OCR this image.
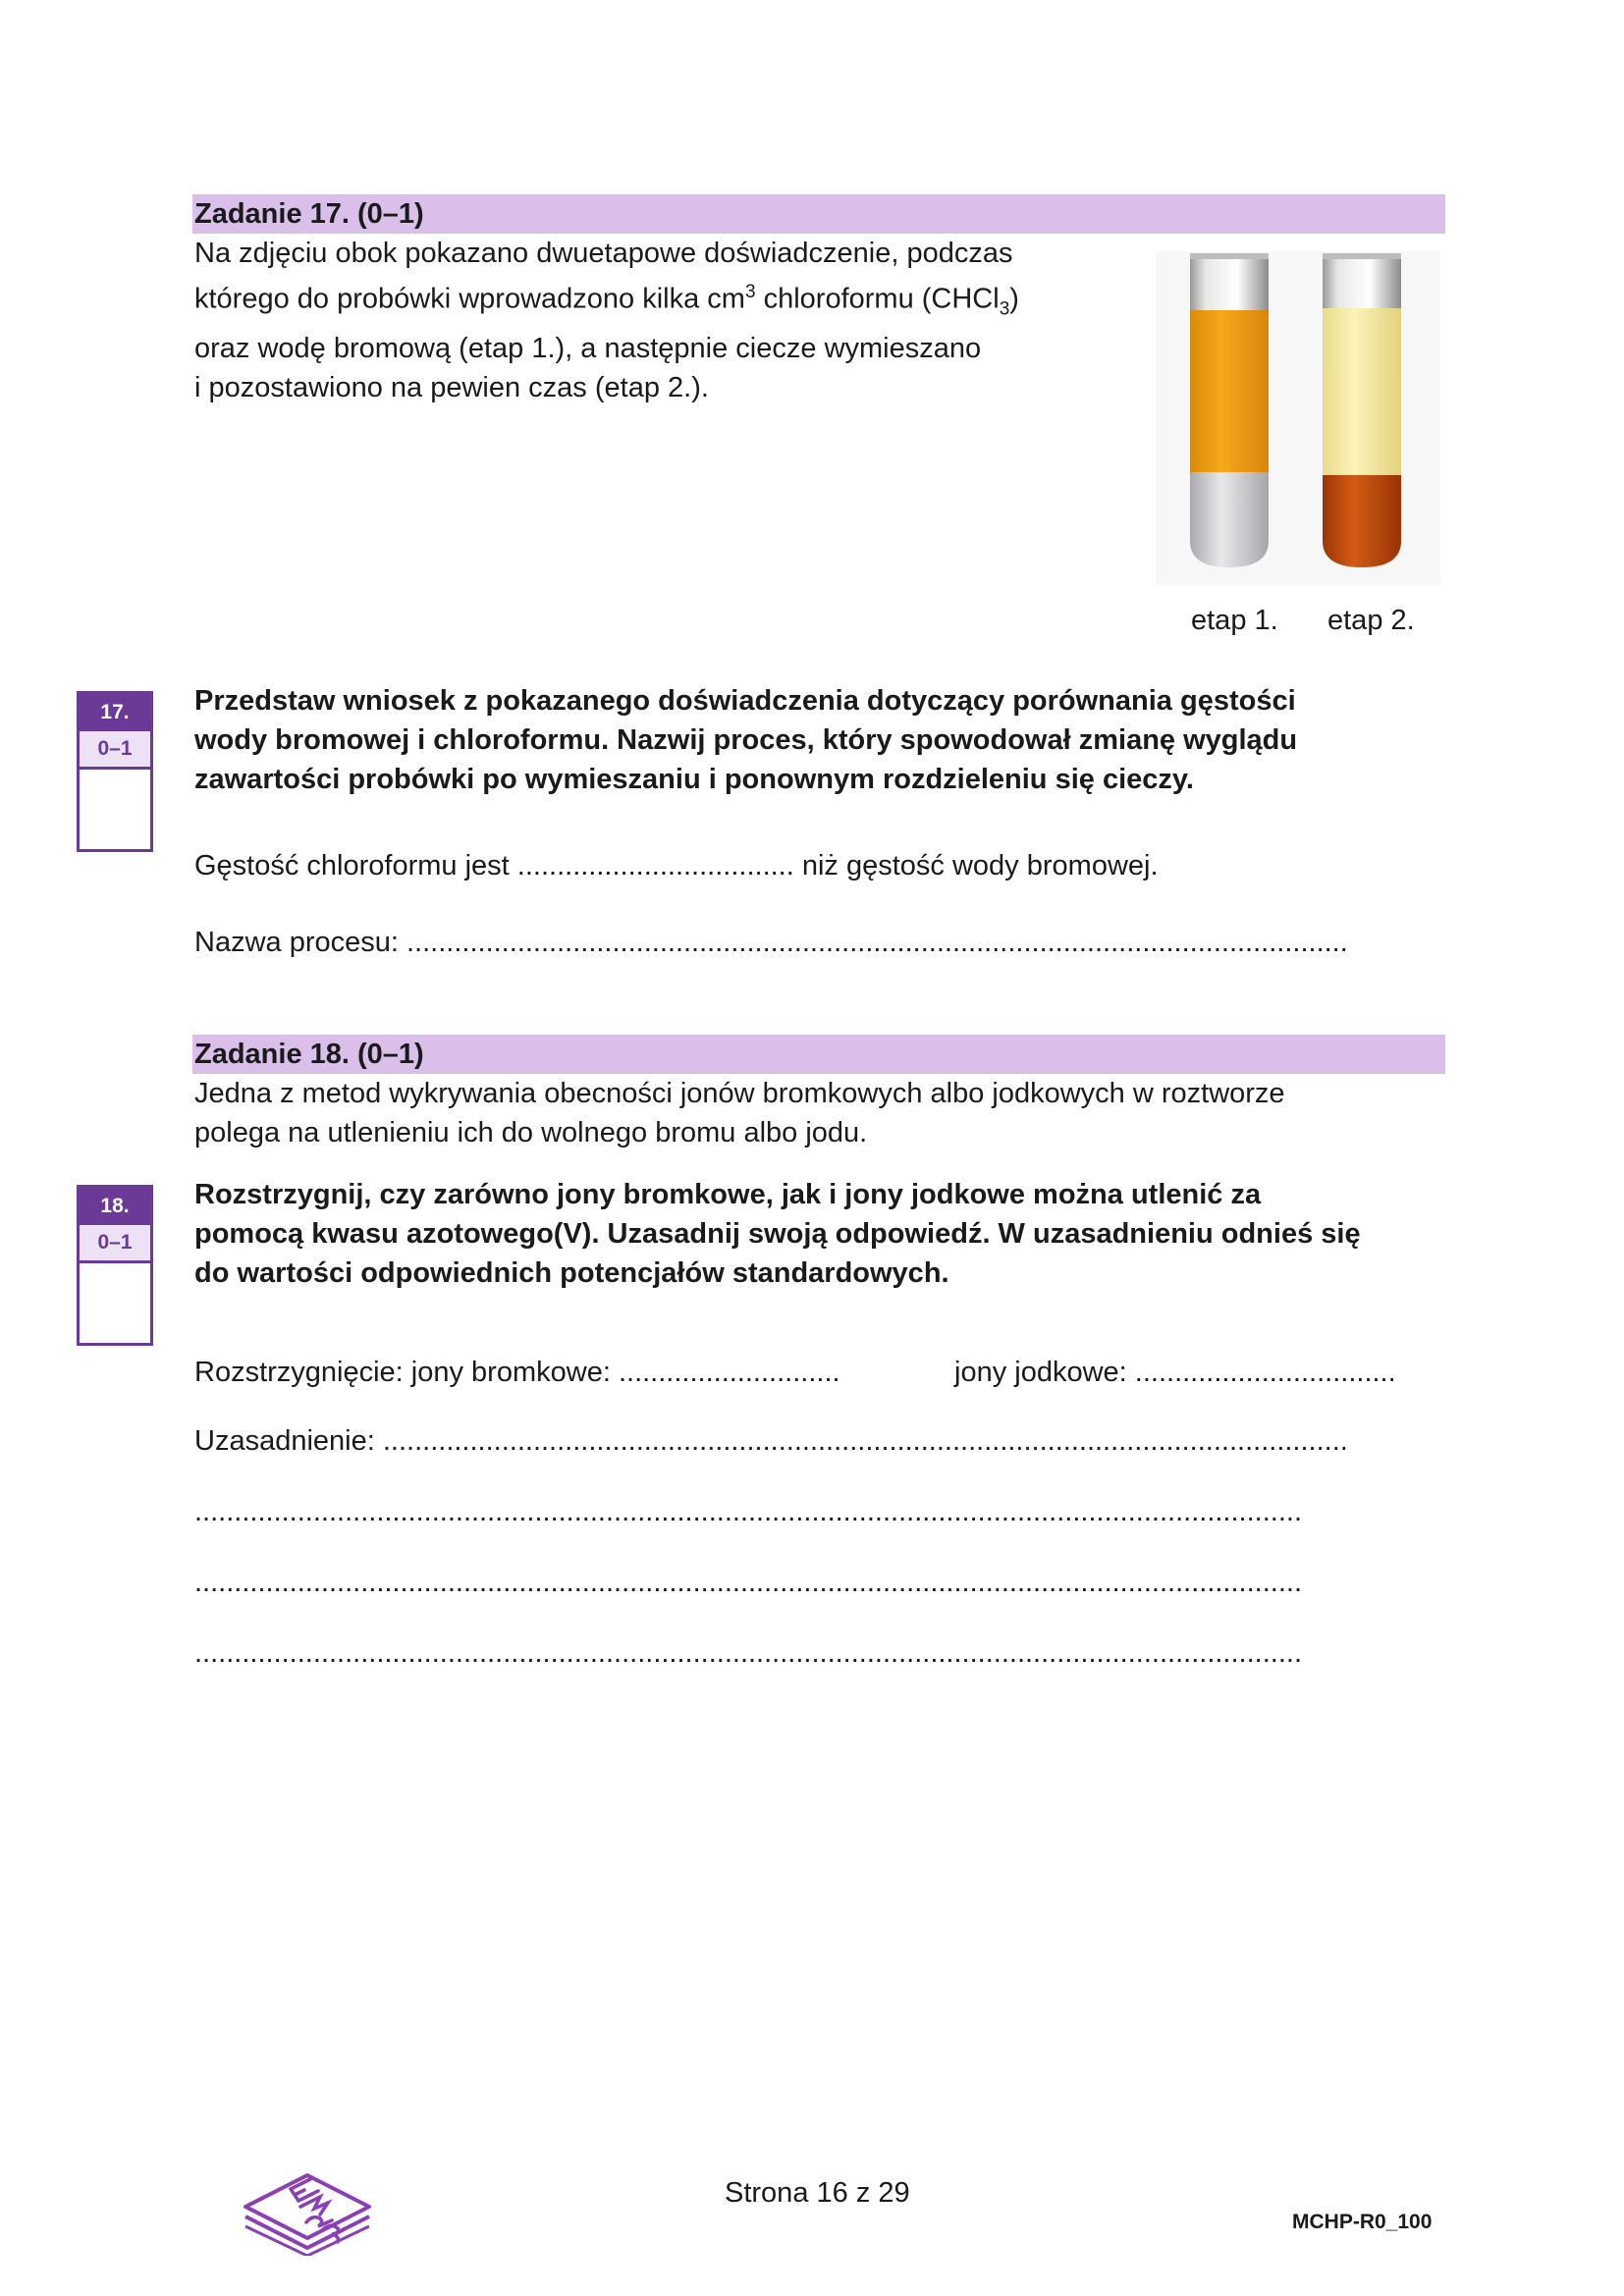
Zadanie 17. (0–1)
Na zdjęciu obok pokazano dwuetapowe doświadczenie, podczas
którego do probówki wprowadzono kilka $cm^3$ chloroformu (CHCl$_3$)
oraz wodę bromową (etap 1.), a następnie ciecze wymieszano
i pozostawiono na pewien czas (etap 2.).
etap 1. etap 2.
17.
0–1
Przedstaw wniosek z pokazanego doświadczenia dotyczący porównania gęstości
wody bromowej i chloroformu. Nazwij proces, który spowodował zmianę wyglądu
zawartości probówki po wymieszaniu i ponownym rozdzieleniu się cieczy.
Gęstość chloroformu jest ................................... niż gęstość wody bromowej.
Nazwa procesu: .......................................................................................................................
Zadanie 18. (0–1)
Jedna z metod wykrywania obecności jonów bromkowych albo jodkowych w roztworze
polega na utlenieniu ich do wolnego bromu albo jodu.
18.
0–1
Rozstrzygnij, czy zarówno jony bromkowe, jak i jony jodkowe można utlenić za
pomocą kwasu azotowego(V). Uzasadnij swoją odpowiedź. W uzasadnieniu odnieś się
do wartości odpowiednich potencjałów standardowych.
Rozstrzygnięcie: jony bromkowe: ............................	jony jodkowe: .................................
Uzasadnienie: ..........................................................................................................................
............................................................................................................................................
............................................................................................................................................
............................................................................................................................................
Strona 16 z 29
MCHP-R0_100
